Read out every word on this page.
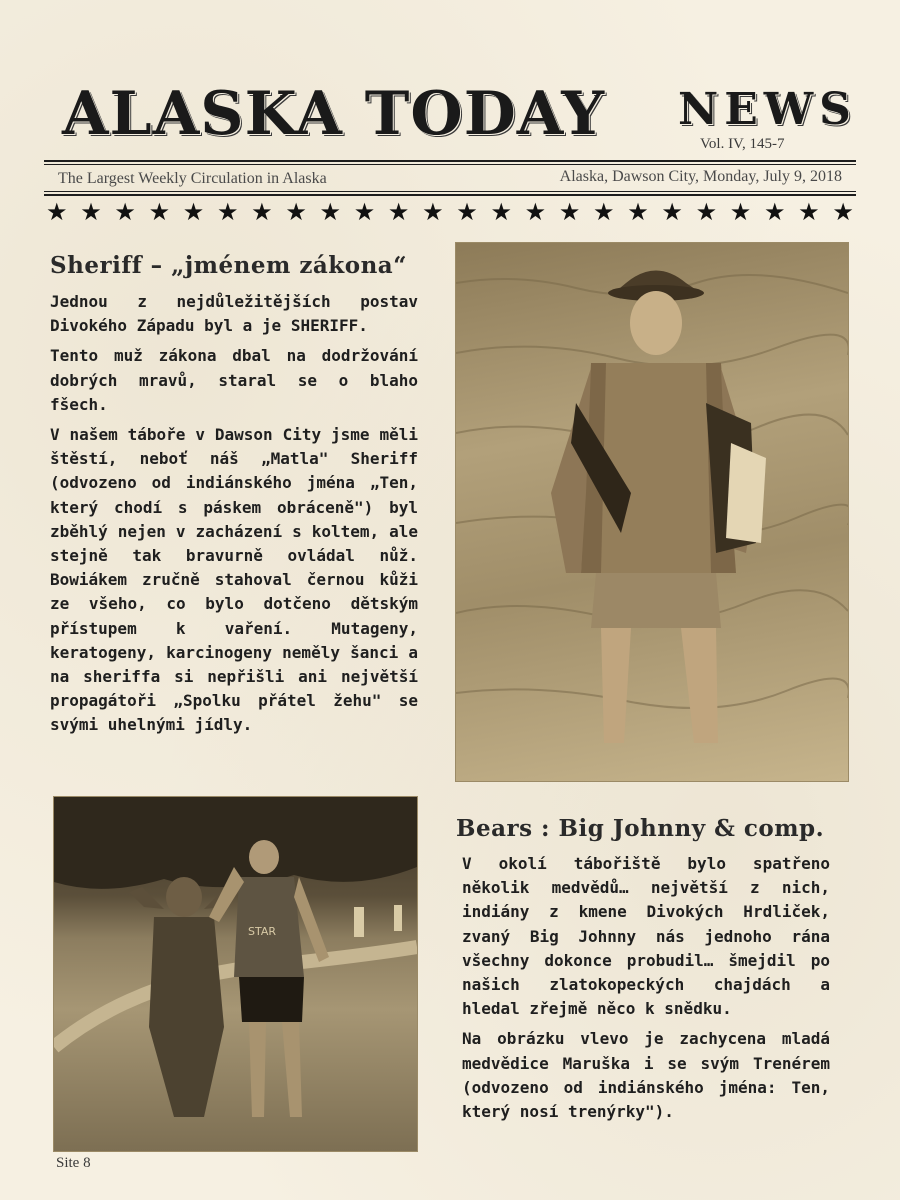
ALASKA TODAY NEWS
Vol. IV, 145-7
The Largest Weekly Circulation in Alaska	Alaska, Dawson City, Monday, July 9, 2018
★ ★ ★ ★ ★ ★ ★ ★ ★ ★ ★ ★ ★ ★ ★ ★ ★ ★ ★ ★ ★ ★ ★ ★
Sheriff – „jménem zákona“

Jednou z nejdůležitějších postav Divokého Západu byl a je SHERIFF.

Tento muž zákona dbal na dodržování dobrých mravů, staral se o blaho fšech.

V našem táboře v Dawson City jsme měli štěstí, neboť náš „Matla" Sheriff (odvozeno od indiánského jména „Ten, který chodí s páskem obráceně") byl zběhlý nejen v zacházení s koltem, ale stejně tak bravurně ovládal nůž. Bowiákem zručně stahoval černou kůži ze všeho, co bylo dotčeno dětským přístupem k vaření. Mutageny, keratogeny, karcinogeny neměly šanci a na sheriffa si nepřišli ani největší propagátoři „Spolku přátel žehu" se svými uhelnými jídly.

STAR
Bears : Big Johnny & comp.

V okolí tábořiště bylo spatřeno několik medvědů… největší z nich, indiány z kmene Divokých Hrdliček, zvaný Big Johnny nás jednoho rána všechny dokonce probudil… šmejdil po našich zlatokopeckých chajdách a hledal zřejmě něco k snědku.

Na obrázku vlevo je zachycena mladá medvědice Maruška i se svým Trenérem (odvozeno od indiánského jména: Ten, který nosí trenýrky").

Site 8
